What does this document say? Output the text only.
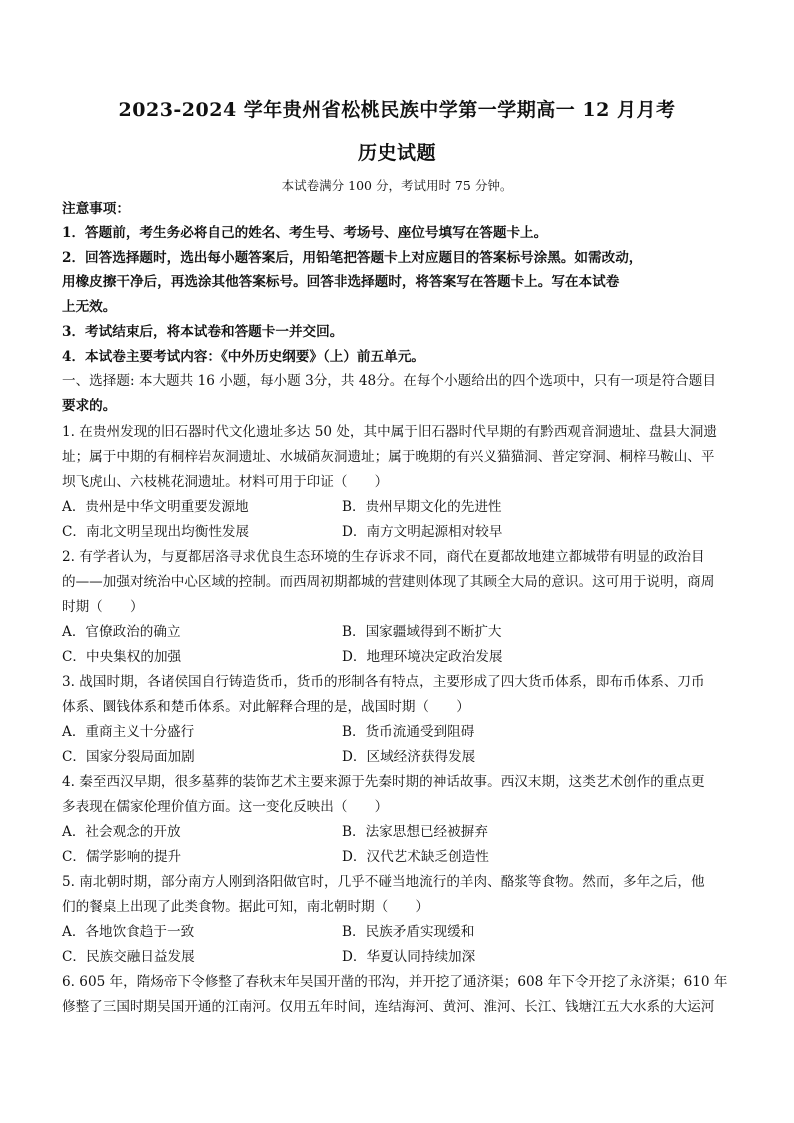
2023-2024 学年贵州省松桃民族中学第一学期高一 12 月月考
历史试题
本试卷满分 100 分，考试用时 75 分钟。
注意事项：
1．答题前，考生务必将自己的姓名、考生号、考场号、座位号填写在答题卡上。
2．回答选择题时，选出每小题答案后，用铅笔把答题卡上对应题目的答案标号涂黑。如需改动，
用橡皮擦干净后，再选涂其他答案标号。回答非选择题时，将答案写在答题卡上。写在本试卷
上无效。
3．考试结束后，将本试卷和答题卡一并交回。
4．本试卷主要考试内容：《中外历史纲要》（上）前五单元。
一、选择题: 本大题共 16 小题，每小题 3分，共 48分。在每个小题给出的四个选项中，只有一项是符合题目
要求的。
1. 在贵州发现的旧石器时代文化遗址多达 50 处，其中属于旧石器时代早期的有黔西观音洞遗址、盘县大洞遗
址；属于中期的有桐梓岩灰洞遗址、水城硝灰洞遗址；属于晚期的有兴义猫猫洞、普定穿洞、桐梓马鞍山、平
坝飞虎山、六枝桃花洞遗址。材料可用于印证（　　）
A．贵州是中华文明重要发源地	B．贵州早期文化的先进性
C．南北文明呈现出均衡性发展	D．南方文明起源相对较早
2. 有学者认为，与夏都居洛寻求优良生态环境的生存诉求不同，商代在夏都故地建立都城带有明显的政治目
的——加强对统治中心区域的控制。而西周初期都城的营建则体现了其顾全大局的意识。这可用于说明，商周
时期（　　）
A．官僚政治的确立	B．国家疆域得到不断扩大
C．中央集权的加强	D．地理环境决定政治发展
3. 战国时期，各诸侯国自行铸造货币，货币的形制各有特点，主要形成了四大货币体系，即布币体系、刀币
体系、圜钱体系和楚币体系。对此解释合理的是，战国时期（　　）
A．重商主义十分盛行	B．货币流通受到阻碍
C．国家分裂局面加剧	D．区域经济获得发展
4. 秦至西汉早期，很多墓葬的装饰艺术主要来源于先秦时期的神话故事。西汉末期，这类艺术创作的重点更
多表现在儒家伦理价值方面。这一变化反映出（　　）
A．社会观念的开放	B．法家思想已经被摒弃
C．儒学影响的提升	D．汉代艺术缺乏创造性
5. 南北朝时期，部分南方人刚到洛阳做官时，几乎不碰当地流行的羊肉、酪浆等食物。然而，多年之后，他
们的餐桌上出现了此类食物。据此可知，南北朝时期（　　）
A．各地饮食趋于一致	B．民族矛盾实现缓和
C．民族交融日益发展	D．华夏认同持续加深
6. 605 年，隋炀帝下令修整了春秋末年吴国开凿的邗沟，并开挖了通济渠；608 年下令开挖了永济渠；610 年
修整了三国时期吴国开通的江南河。仅用五年时间，连结海河、黄河、淮河、长江、钱塘江五大水系的大运河
